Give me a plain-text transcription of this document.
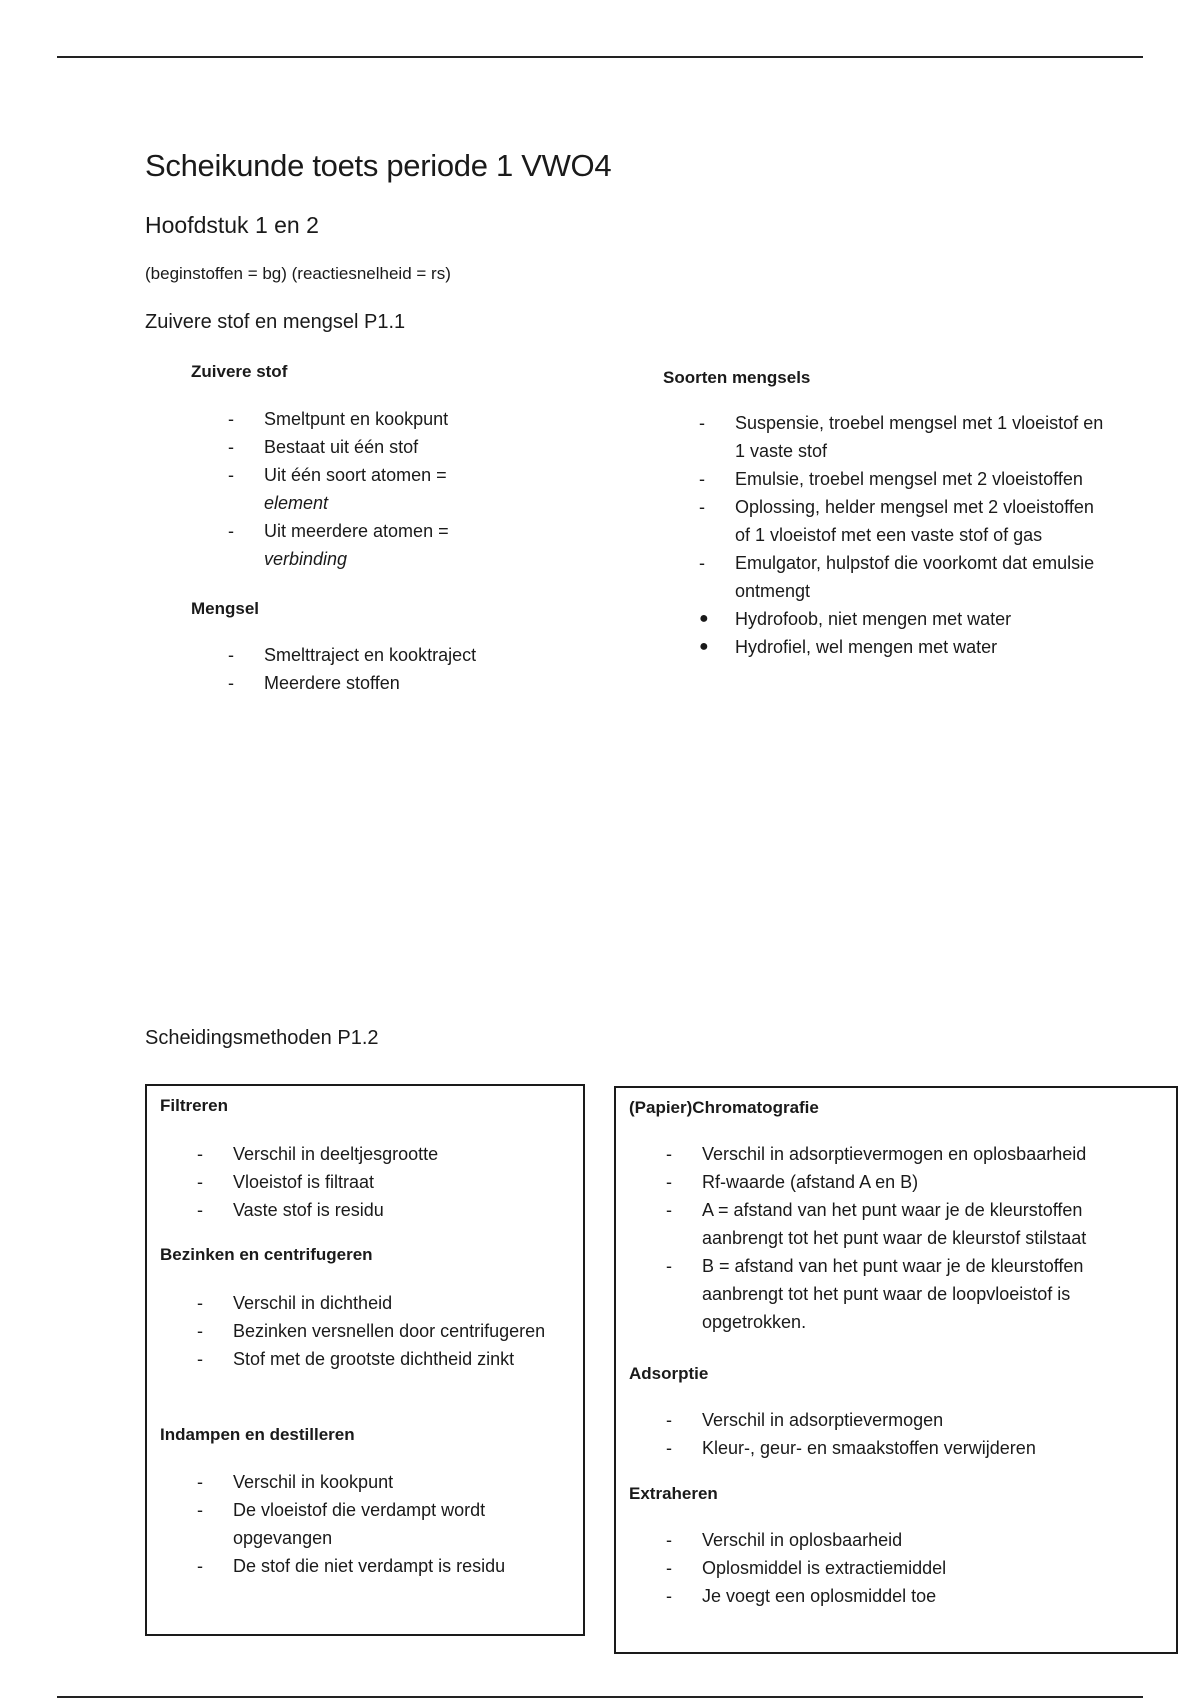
Scheikunde toets periode 1 VWO4
Hoofdstuk 1 en 2
(beginstoffen = bg) (reactiesnelheid = rs)
Zuivere stof en mengsel P1.1
Zuivere stof
-	Smeltpunt en kookpunt
-	Bestaat uit één stof
-	Uit één soort atomen =
element
-	Uit meerdere atomen =
verbinding
Mengsel
-	Smelttraject en kooktraject
-	Meerdere stoffen
Soorten mengsels
-	Suspensie, troebel mengsel met 1 vloeistof en 1 vaste stof
-	Emulsie, troebel mengsel met 2 vloeistoffen
-	Oplossing, helder mengsel met 2 vloeistoffen of 1 vloeistof met een vaste stof of gas
-	Emulgator, hulpstof die voorkomt dat emulsie ontmengt
●	Hydrofoob, niet mengen met water
●	Hydrofiel, wel mengen met water
Scheidingsmethoden P1.2
Filtreren
-	Verschil in deeltjesgrootte
-	Vloeistof is filtraat
-	Vaste stof is residu
Bezinken en centrifugeren
-	Verschil in dichtheid
-	Bezinken versnellen door centrifugeren
-	Stof met de grootste dichtheid zinkt
Indampen en destilleren
-	Verschil in kookpunt
-	De vloeistof die verdampt wordt opgevangen
-	De stof die niet verdampt is residu
(Papier)Chromatografie
-	Verschil in adsorptievermogen en oplosbaarheid
-	Rf-waarde (afstand A en B)
-	A = afstand van het punt waar je de kleurstoffen aanbrengt tot het punt waar de kleurstof stilstaat
-	B = afstand van het punt waar je de kleurstoffen aanbrengt tot het punt waar de loopvloeistof is opgetrokken.
Adsorptie
-	Verschil in adsorptievermogen
-	Kleur-, geur- en smaakstoffen verwijderen
Extraheren
-	Verschil in oplosbaarheid
-	Oplosmiddel is extractiemiddel
-	Je voegt een oplosmiddel toe
